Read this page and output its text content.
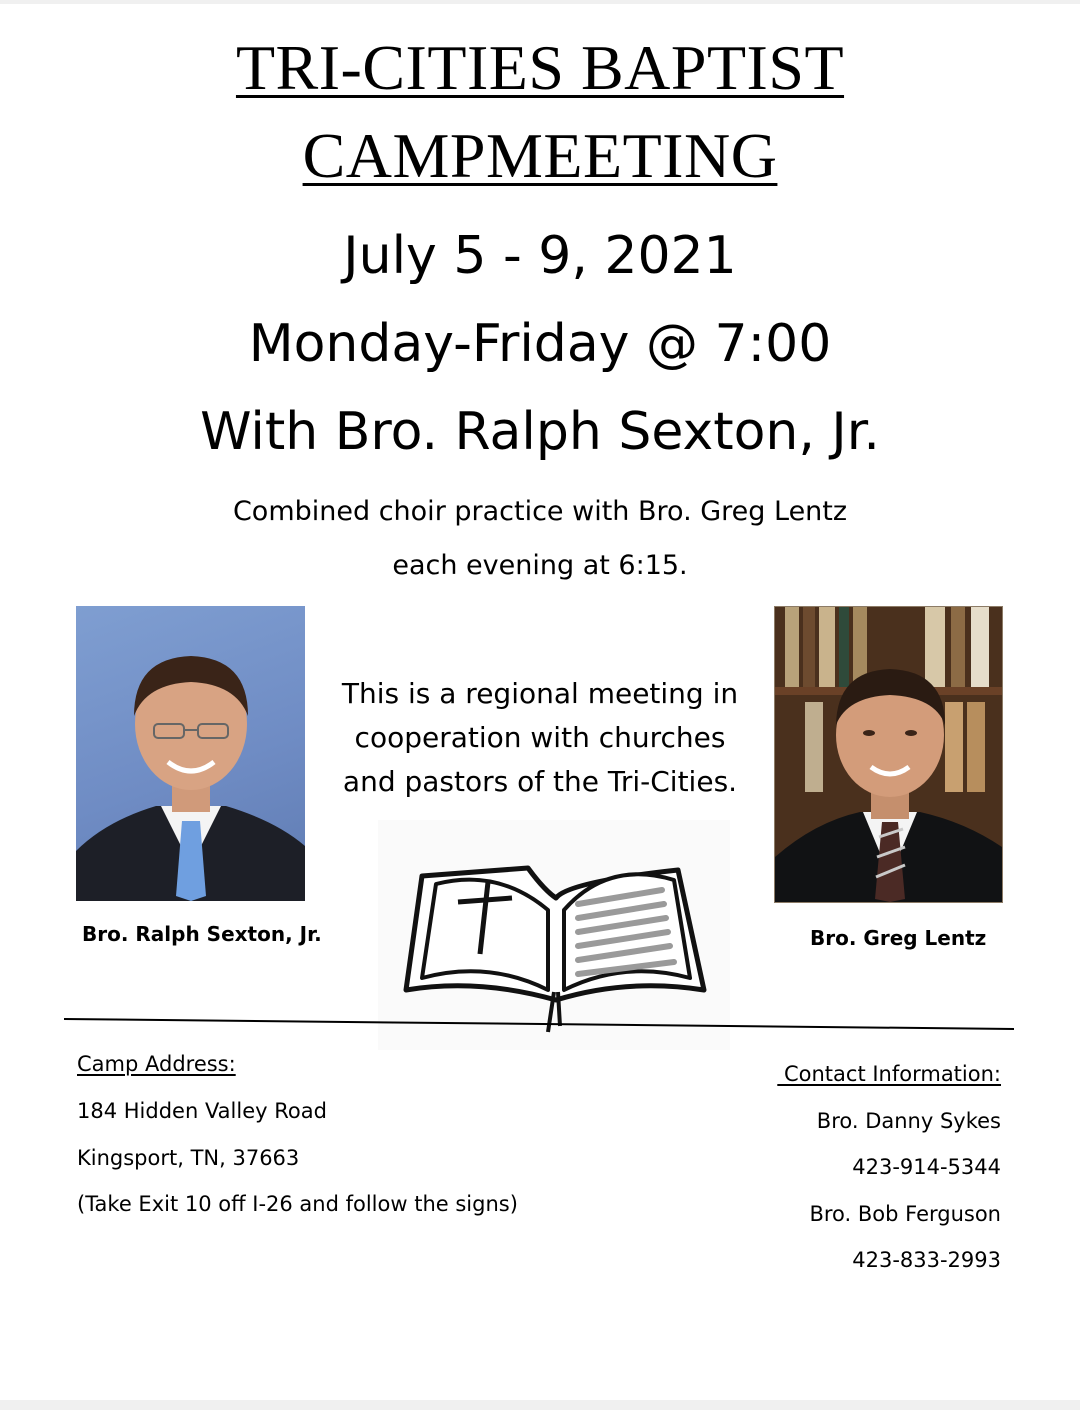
TRI-CITIES BAPTIST
CAMPMEETING
July 5 - 9, 2021
Monday-Friday @ 7:00
With Bro. Ralph Sexton, Jr.
Combined choir practice with Bro. Greg Lentz
each evening at 6:15.
Bro. Ralph Sexton, Jr.	Bro. Greg Lentz
This is a regional meeting in
cooperation with churches
and pastors of the Tri-Cities.
Camp Address:
184 Hidden Valley Road
Kingsport, TN, 37663
(Take Exit 10 off I-26 and follow the signs)
Contact Information:
Bro. Danny Sykes
423-914-5344
Bro. Bob Ferguson
423-833-2993
